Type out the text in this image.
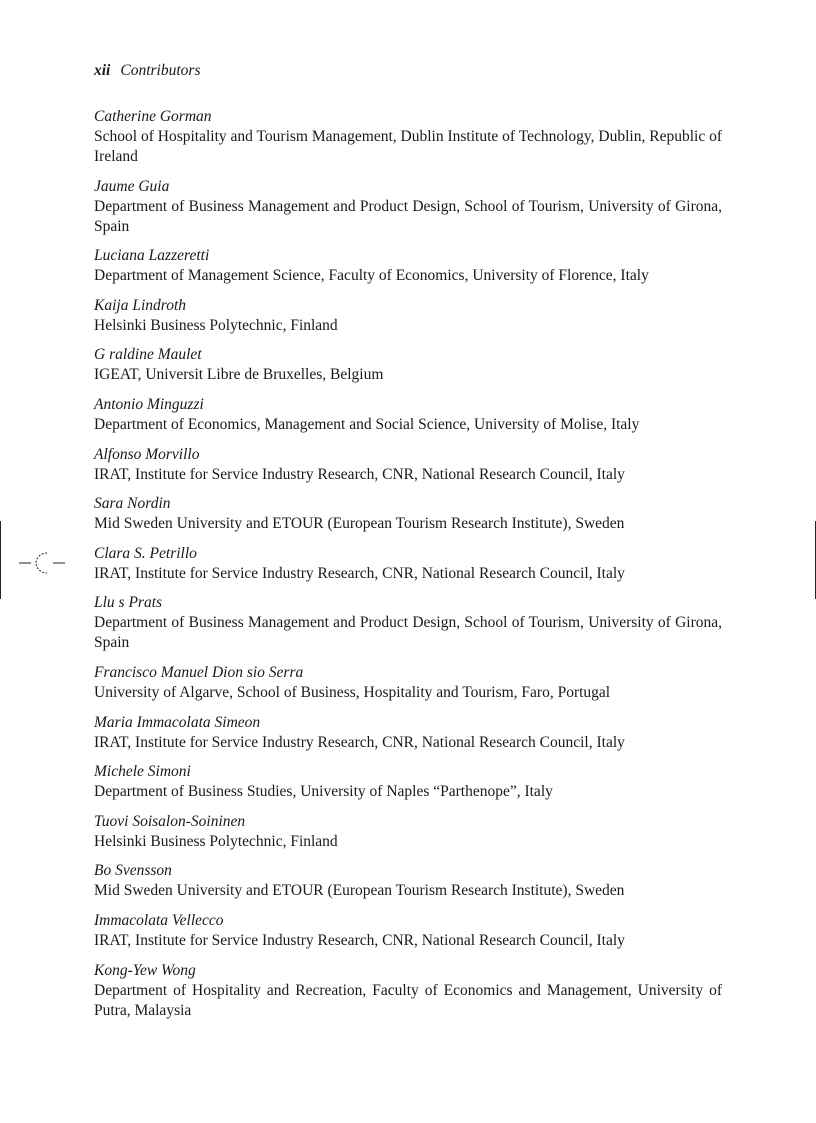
xii Contributors
Catherine Gorman
School of Hospitality and Tourism Management, Dublin Institute of Technology, Dublin, Republic of Ireland
Jaume Guia
Department of Business Management and Product Design, School of Tourism, University of Girona, Spain
Luciana Lazzeretti
Department of Management Science, Faculty of Economics, University of Florence, Italy
Kaija Lindroth
Helsinki Business Polytechnic, Finland
G raldine Maulet
IGEAT, Universit Libre de Bruxelles, Belgium
Antonio Minguzzi
Department of Economics, Management and Social Science, University of Molise, Italy
Alfonso Morvillo
IRAT, Institute for Service Industry Research, CNR, National Research Council, Italy
Sara Nordin
Mid Sweden University and ETOUR (European Tourism Research Institute), Sweden
Clara S. Petrillo
IRAT, Institute for Service Industry Research, CNR, National Research Council, Italy
Llu s Prats
Department of Business Management and Product Design, School of Tourism, University of Girona, Spain
Francisco Manuel Dion sio Serra
University of Algarve, School of Business, Hospitality and Tourism, Faro, Portugal
Maria Immacolata Simeon
IRAT, Institute for Service Industry Research, CNR, National Research Council, Italy
Michele Simoni
Department of Business Studies, University of Naples “Parthenope”, Italy
Tuovi Soisalon-Soininen
Helsinki Business Polytechnic, Finland
Bo Svensson
Mid Sweden University and ETOUR (European Tourism Research Institute), Sweden
Immacolata Vellecco
IRAT, Institute for Service Industry Research, CNR, National Research Council, Italy
Kong-Yew Wong
Department of Hospitality and Recreation, Faculty of Economics and Management, University of Putra, Malaysia
